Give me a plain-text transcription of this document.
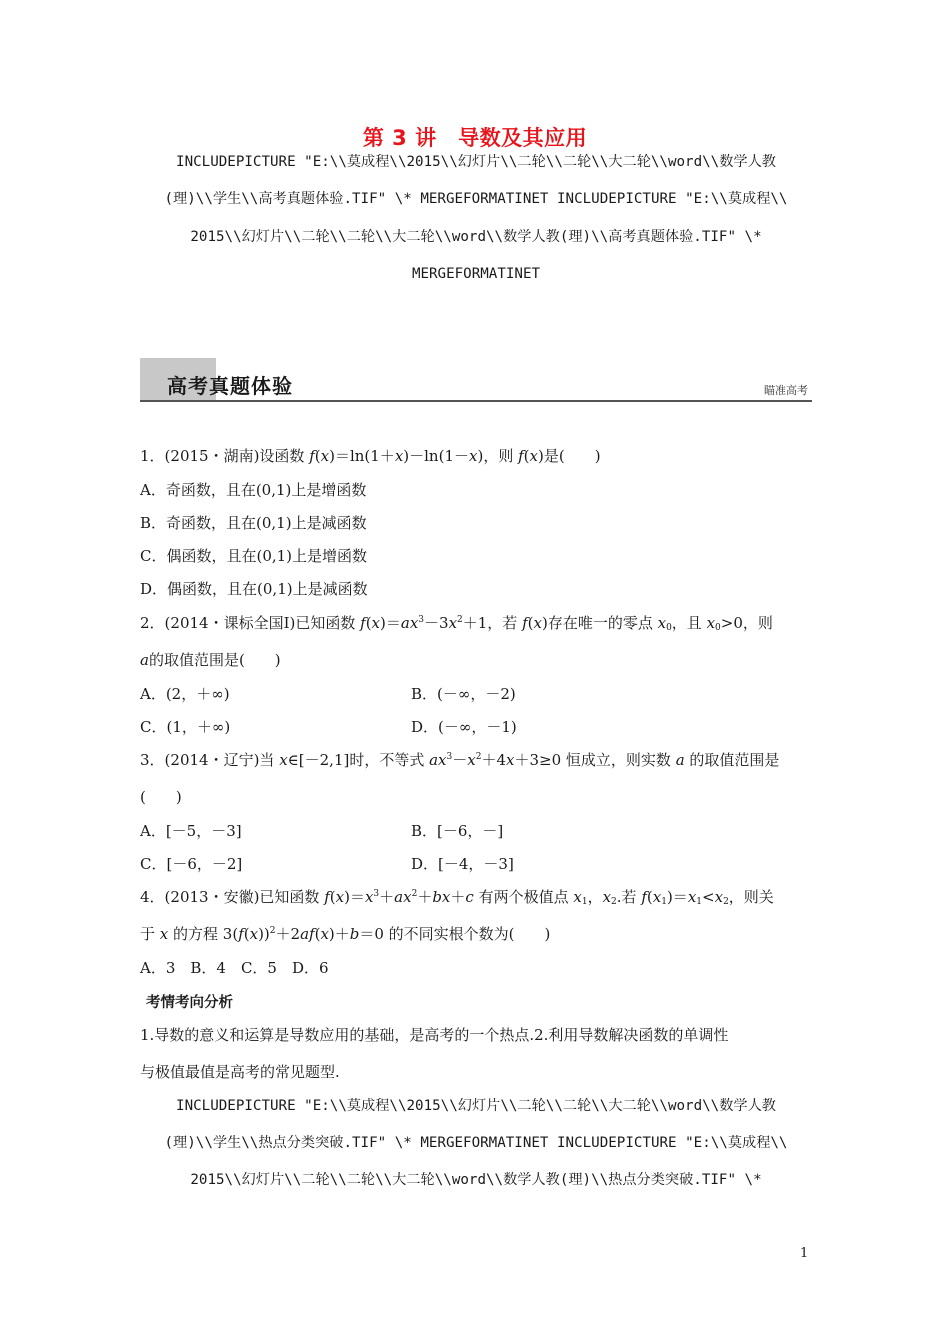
第 3 讲　导数及其应用
INCLUDEPICTURE "E:\\莫成程\\2015\\幻灯片\\二轮\\二轮\\大二轮\\word\\数学人教
(理)\\学生\\高考真题体验.TIF" \* MERGEFORMATINET INCLUDEPICTURE "E:\\莫成程\\
2015\\幻灯片\\二轮\\二轮\\大二轮\\word\\数学人教(理)\\高考真题体验.TIF" \*
MERGEFORMATINET
高考真题体验	瞄准高考
1．(2015・湖南)设函数 f(x)＝ln(1＋x)－ln(1－x)，则 f(x)是(　　)
A．奇函数，且在(0,1)上是增函数
B．奇函数，且在(0,1)上是减函数
C．偶函数，且在(0,1)上是增函数
D．偶函数，且在(0,1)上是减函数
2．(2014・课标全国Ⅰ)已知函数 $f(x)=ax^3-3x^2+1$，若 f(x)存在唯一的零点 $x_0$，且 $x_0>0$，则
a的取值范围是(　　)
A．(2，＋∞)	B．(－∞，－2)
C．(1，＋∞)	D．(－∞，－1)
3．(2014・辽宁)当 x∈[－2,1]时，不等式 $ax^3-x^2+4x+3\ge 0$ 恒成立，则实数 a 的取值范围是
(　　)
A．[－5，－3]	B．[－6，－]
C．[－6，－2]	D．[－4，－3]
4．(2013・安徽)已知函数 $f(x)=x^3+ax^2+bx+c$ 有两个极值点 $x_1$，$x_2$.若 $f(x_1)=x_1<x_2$，则关
于 x 的方程 $3(f(x))^2+2af(x)+b=0$ 的不同实根个数为(　　)
A．3　B．4　C．5　D．6
考情考向分析
1.导数的意义和运算是导数应用的基础，是高考的一个热点.2.利用导数解决函数的单调性
与极值最值是高考的常见题型.
INCLUDEPICTURE "E:\\莫成程\\2015\\幻灯片\\二轮\\二轮\\大二轮\\word\\数学人教
(理)\\学生\\热点分类突破.TIF" \* MERGEFORMATINET INCLUDEPICTURE "E:\\莫成程\\
2015\\幻灯片\\二轮\\二轮\\大二轮\\word\\数学人教(理)\\热点分类突破.TIF" \*
1
